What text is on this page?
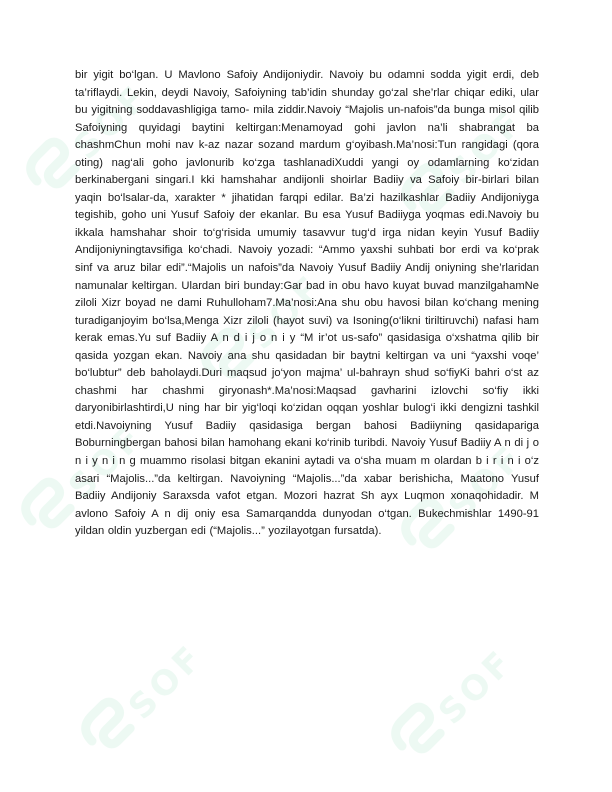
SOF	SOF
SOF
SOF	SOF
SOF	SOF

bir yigit bo‘lgan. U Mavlono Safoiy Andijoniydir. Navoiy bu odamni sodda yigit erdi, deb ta’riflaydi. Lekin, deydi Navoiy, Safoiyning tab’idin shunday go‘zal she’rlar chiqar ediki, ular bu yigitning soddavashligiga tamo- mila ziddir.Navoiy “Majolis un-nafois”da bunga misol qilib Safoiyning quyidagi baytini keltirgan:Menamoyad gohi javlon na’li shabrangat ba chashmChun mohi nav k-az nazar sozand mardum g‘oyibash.Ma’nosi:Tun rangidagi (qora oting) nag‘ali goho javlonurib ko‘zga tashlanadiXuddi yangi oy odamlarning ko‘zidan berkinabergani singari.I kki hamshahar andijonli shoirlar Badiiy va Safoiy bir-birlari bilan yaqin bo‘lsalar-da, xarakter * jihatidan farqpi edilar. Ba’zi hazilkashlar Badiiy Andijoniyga tegishib, goho uni Yusuf Safoiy der ekanlar. Bu esa Yusuf Badiiyga yoqmas edi.Navoiy bu ikkala hamshahar shoir to‘g‘risida umumiy tasavvur tug‘d irga nidan keyin Yusuf Badiiy Andijoniyningtavsifiga ko‘chadi. Navoiy yozadi: “Ammo yaxshi suhbati bor erdi va ko‘prak sinf va aruz bilar edi”.“Majolis un nafois”da Navoiy Yusuf Badiiy Andij oniyning she’rlaridan namunalar keltirgan. Ulardan biri bunday:Gar bad in obu havo kuyat buvad manzilgahamNe ziloli Xizr boyad ne dami Ruhulloham7.Ma’nosi:Ana shu obu havosi bilan ko‘chang mening turadiganjoyim bo‘lsa,Menga Xizr ziloli (hayot suvi) va Isoning(o‘likni tiriltiruvchi) nafasi ham kerak emas.Yu suf Badiiy A n d i j o n i y “M ir’ot us-safo” qasidasiga o‘xshatma qilib bir qasida yozgan ekan. Navoiy ana shu qasidadan bir baytni keltirgan va uni “yaxshi voqe’ bo‘lubtur” deb baholaydi.Duri maqsud jo‘yon majma’ ul-bahrayn shud so‘fiyKi bahri o‘st az chashmi har chashmi giryonash*.Ma’nosi:Maqsad gavharini izlovchi so‘fiy ikki daryonibirlashtirdi,U ning har bir yig‘loqi ko‘zidan oqqan yoshlar bulog‘i ikki dengizni tashkil etdi.Navoiyning Yusuf Badiiy qasidasiga bergan bahosi Badiiyning qasidapariga Boburningbergan bahosi bilan hamohang ekani ko‘rinib turibdi. Navoiy Yusuf Badiiy A n di j o n i y n i n g muammo risolasi bitgan ekanini aytadi va o‘sha muam m olardan b i r i n i o‘z asari “Majolis...”da keltirgan. Navoiyning “Majolis...”da xabar berishicha, Maatono Yusuf Badiiy Andijoniy Saraxsda vafot etgan. Mozori hazrat Sh ayx Luqmon xonaqohidadir. M avlono Safoiy A n dij oniy esa Samarqandda dunyodan o‘tgan. Bukechmishlar 1490-91 yildan oldin yuzbergan edi (“Majolis...” yozilayotgan fursatda).
